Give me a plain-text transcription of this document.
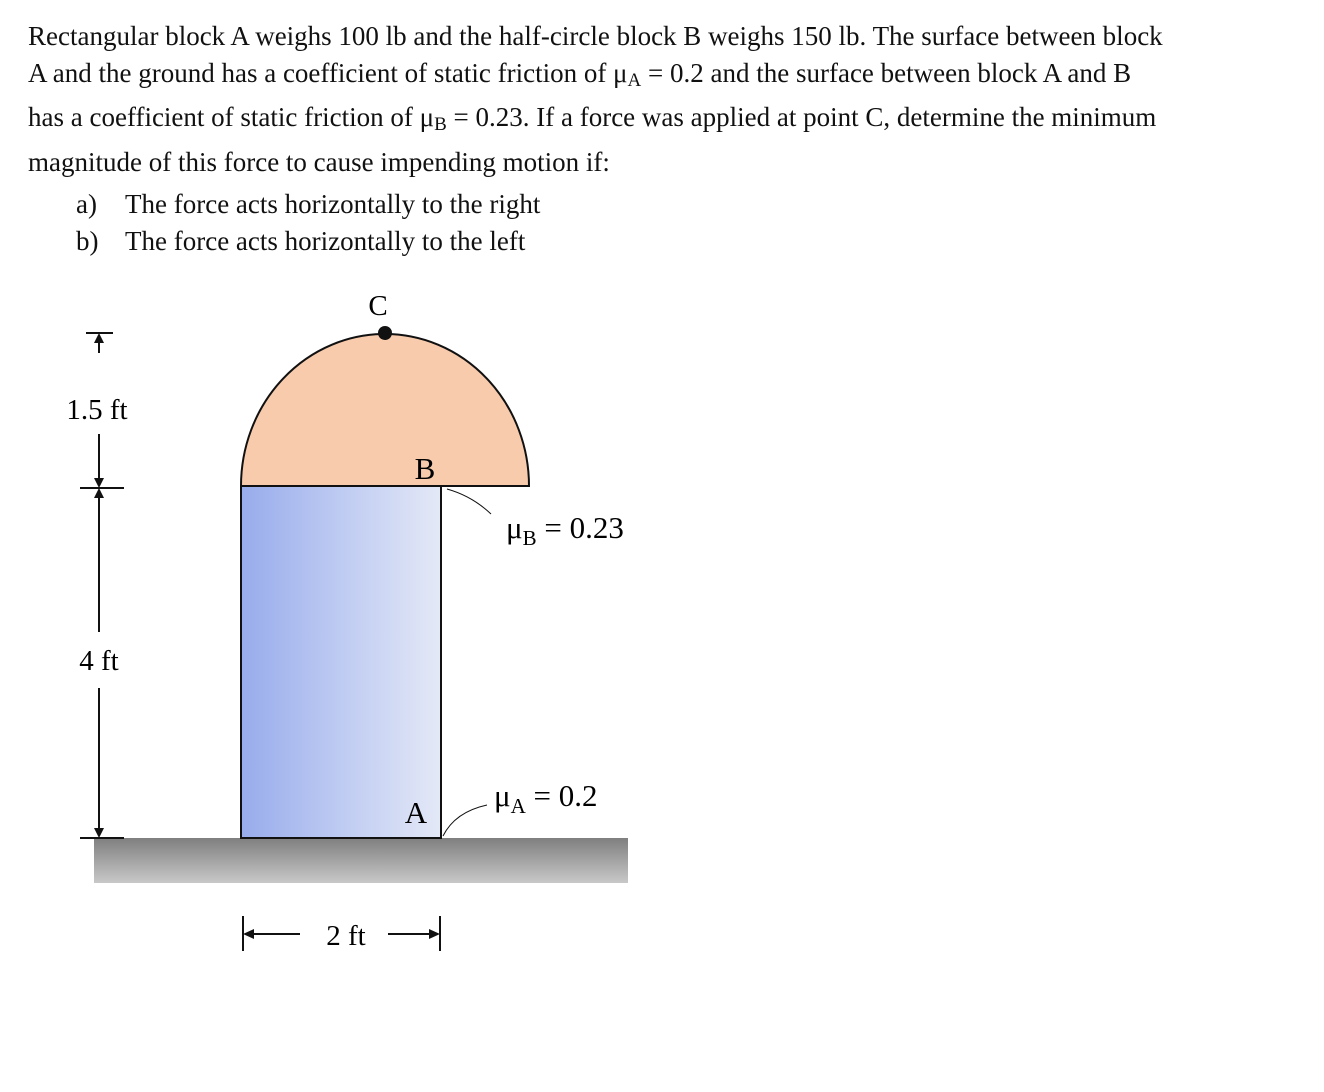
Rectangular block A weighs 100 lb and the half-circle block B weighs 150 lb. The surface between block
A and the ground has a coefficient of static friction of $\mu_A = 0.2$ and the surface between block A and B
has a coefficient of static friction of $\mu_B = 0.23$. If a force was applied at point C, determine the minimum
magnitude of this force to cause impending motion if:

a) The force acts horizontally to the right
b) The force acts horizontally to the left
C
B
A
$\mu_B = 0.23$
$\mu_A = 0.2$
1.5 ft
4 ft
2 ft
